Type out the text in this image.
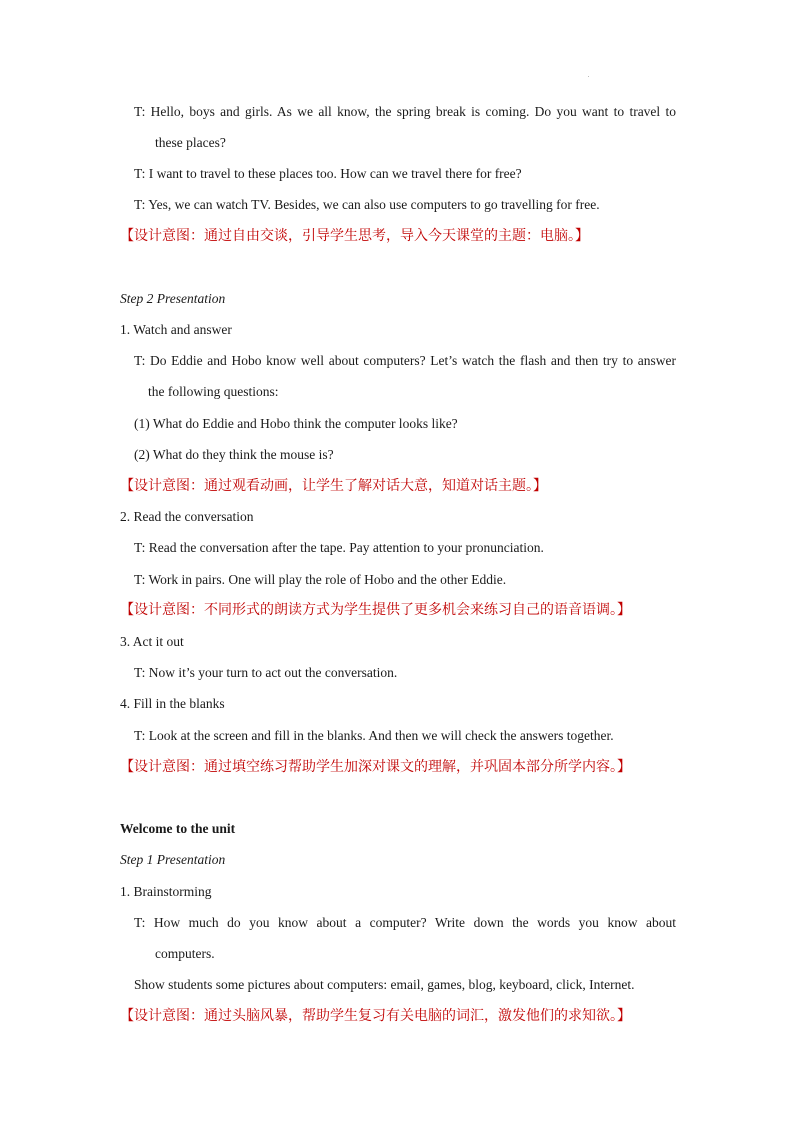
T: Hello, boys and girls. As we all know, the spring break is coming. Do you want to travel to
these places?
T: I want to travel to these places too. How can we travel there for free?
T: Yes, we can watch TV. Besides, we can also use computers to go travelling for free.
【设计意图：通过自由交谈，引导学生思考，导入今天课堂的主题：电脑。】
Step 2 Presentation
1. Watch and answer
T: Do Eddie and Hobo know well about computers? Let’s watch the flash and then try to answer
the following questions:
(1) What do Eddie and Hobo think the computer looks like?
(2) What do they think the mouse is?
【设计意图：通过观看动画，让学生了解对话大意，知道对话主题。】
2. Read the conversation
T: Read the conversation after the tape. Pay attention to your pronunciation.
T: Work in pairs. One will play the role of Hobo and the other Eddie.
【设计意图：不同形式的朗读方式为学生提供了更多机会来练习自己的语音语调。】
3. Act it out
T: Now it’s your turn to act out the conversation.
4. Fill in the blanks
T: Look at the screen and fill in the blanks. And then we will check the answers together.
【设计意图：通过填空练习帮助学生加深对课文的理解，并巩固本部分所学内容。】
Welcome to the unit
Step 1 Presentation
1. Brainstorming
T: How much do you know about a computer? Write down the words you know about
computers.
Show students some pictures about computers: email, games, blog, keyboard, click, Internet.
【设计意图：通过头脑风暴，帮助学生复习有关电脑的词汇，激发他们的求知欲。】
